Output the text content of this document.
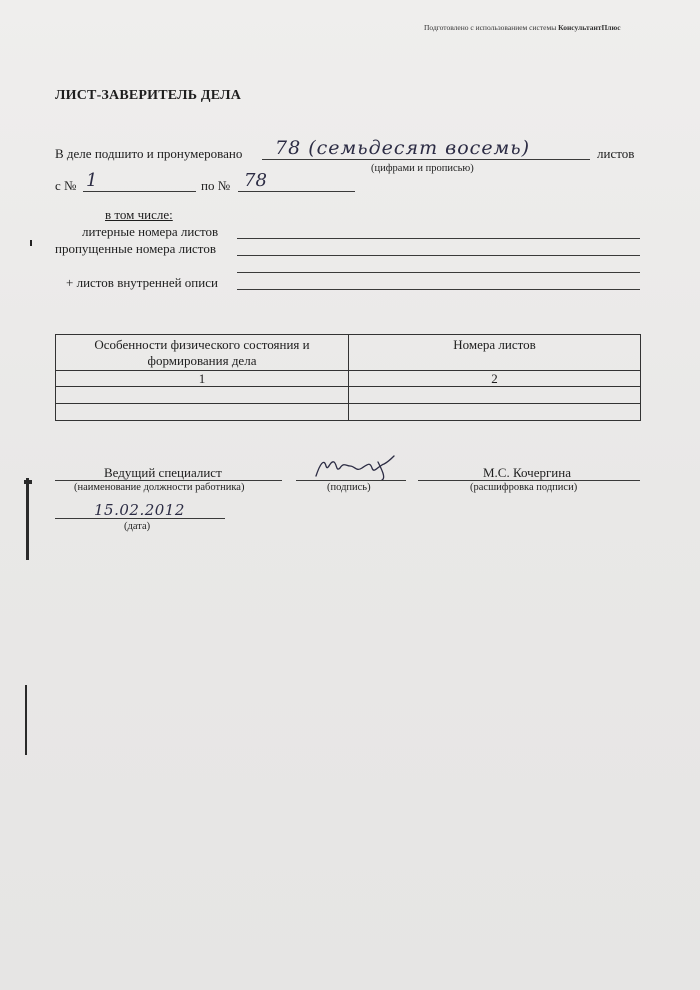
Подготовлено с использованием системы КонсультантПлюс
ЛИСТ-ЗАВЕРИТЕЛЬ ДЕЛА
В деле подшито и пронумеровано 78 (семьдесят восемь)	листов
(цифрами и прописью)
с № 1	по № 78
в том числе:
литерные номера листов
пропущенные номера листов
+ листов внутренней описи
Особенности физического состояния и формирования дела	Номера листов
1	2

Ведущий специалист
(наименование должности работника)	(подпись)
М.С. Кочергина
(расшифровка подписи)
15.02.2012
(дата)
